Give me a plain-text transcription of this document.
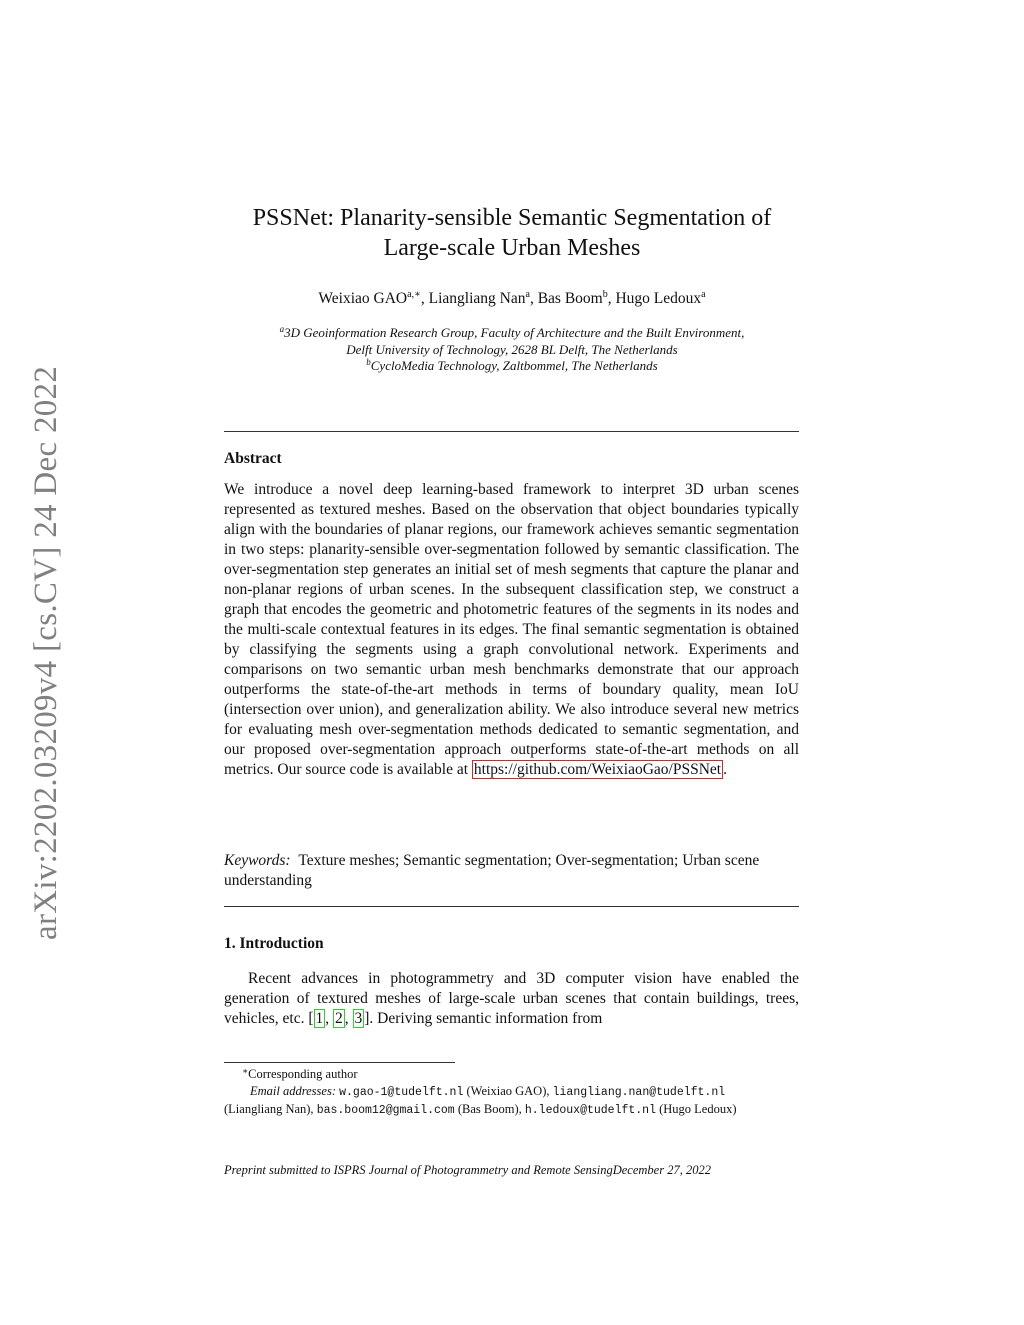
arXiv:2202.03209v4 [cs.CV] 24 Dec 2022
PSSNet: Planarity-sensible Semantic Segmentation of
Large-scale Urban Meshes
Weixiao $GAO^{a,∗}$, Liangliang Nan$^a$, Bas Boom$^b$, Hugo Ledoux$^a$
$^a$3D Geoinformation Research Group, Faculty of Architecture and the Built Environment,
Delft University of Technology, 2628 BL Delft, The Netherlands
$^b$CycloMedia Technology, Zaltbommel, The Netherlands
Abstract

We introduce a novel deep learning-based framework to interpret 3D urban scenes represented as textured meshes. Based on the observation that object boundaries typically align with the boundaries of planar regions, our framework achieves semantic segmentation in two steps: planarity-sensible over-segmentation followed by semantic classification. The over-segmentation step generates an initial set of mesh segments that capture the planar and non-planar regions of urban scenes. In the subsequent classification step, we construct a graph that encodes the geometric and photometric features of the segments in its nodes and the multi-scale contextual features in its edges. The final semantic segmentation is obtained by classifying the segments using a graph convolutional network. Experiments and comparisons on two semantic urban mesh benchmarks demonstrate that our approach outperforms the state-of-the-art methods in terms of boundary quality, mean IoU (intersection over union), and generalization ability. We also introduce several new metrics for evaluating mesh over-segmentation methods dedicated to semantic segmentation, and our proposed over-segmentation approach outperforms state-of-the-art methods on all metrics. Our source code is available at https://github.com/WeixiaoGao/PSSNet .

Keywords: Texture meshes; Semantic segmentation; Over-segmentation; Urban scene understanding

1. Introduction

Recent advances in photogrammetry and 3D computer vision have enabled the generation of textured meshes of large-scale urban scenes that contain buildings, trees, vehicles, etc. [ 1 , 2 , 3 ]. Deriving semantic information from

∗Corresponding author
Email addresses: w.gao-1@tudelft.nl (Weixiao GAO), liangliang.nan@tudelft.nl
(Liangliang Nan), bas.boom12@gmail.com (Bas Boom), h.ledoux@tudelft.nl (Hugo Ledoux)
Preprint submitted to ISPRS Journal of Photogrammetry and Remote SensingDecember 27, 2022
